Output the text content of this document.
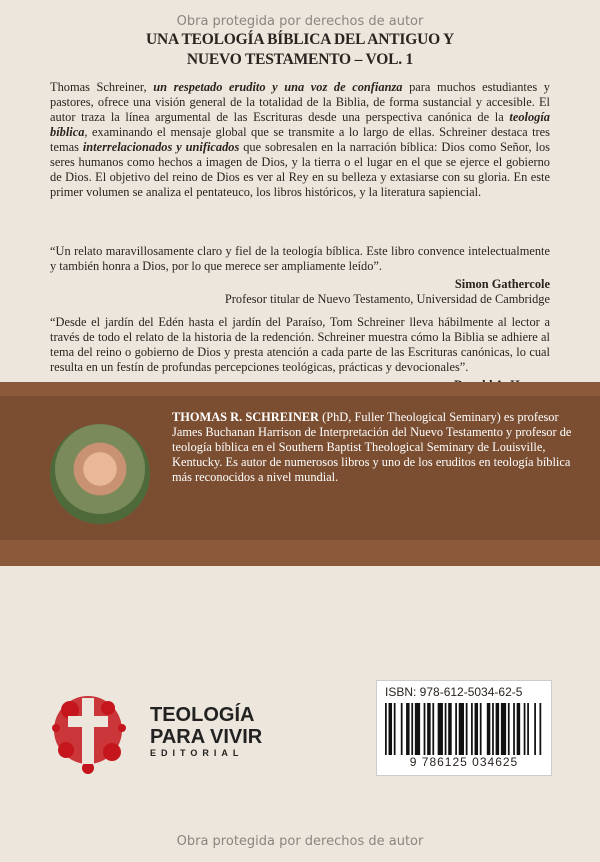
Obra protegida por derechos de autor
UNA TEOLOGÍA BÍBLICA DEL ANTIGUO Y
NUEVO TESTAMENTO – VOL. 1
Thomas Schreiner, un respetado erudito y una voz de confianza para muchos estudiantes y pastores, ofrece una visión general de la totalidad de la Biblia, de forma sustancial y accesible. El autor traza la línea argumental de las Escrituras desde una perspectiva canónica de la teología bíblica, examinando el mensaje global que se transmite a lo largo de ellas. Schreiner destaca tres temas interrelacionados y unificados que sobresalen en la narración bíblica: Dios como Señor, los seres humanos como hechos a imagen de Dios, y la tierra o el lugar en el que se ejerce el gobierno de Dios. El objetivo del reino de Dios es ver al Rey en su belleza y extasiarse con su gloria. En este primer volumen se analiza el pentateuco, los libros históricos, y la literatura sapiencial.
“Un relato maravillosamente claro y fiel de la teología bíblica. Este libro convence intelectualmente y también honra a Dios, por lo que merece ser ampliamente leído”.
Simon Gathercole
Profesor titular de Nuevo Testamento, Universidad de Cambridge
“Desde el jardín del Edén hasta el jardín del Paraíso, Tom Schreiner lleva hábilmente al lector a través de todo el relato de la historia de la redención. Schreiner muestra cómo la Biblia se adhiere al tema del reino o gobierno de Dios y presta atención a cada parte de las Escrituras canónicas, lo cual resulta en un festín de profundas percepciones teológicas, prácticas y devocionales”.
THOMAS R. SCHREINER (PhD, Fuller Theological Seminary) es profesor James Buchanan Harrison de Interpretación del Nuevo Testamento y profesor de teología bíblica en el Southern Baptist Theological Seminary de Louisville, Kentucky. Es autor de numerosos libros y uno de los eruditos en teología bíblica más reconocidos a nivel mundial.
TEOLOGÍA
PARA VIVIR
EDITORIAL
ISBN: 978-612-5034-62-5
9 786125 034625
Obra protegida por derechos de autor
